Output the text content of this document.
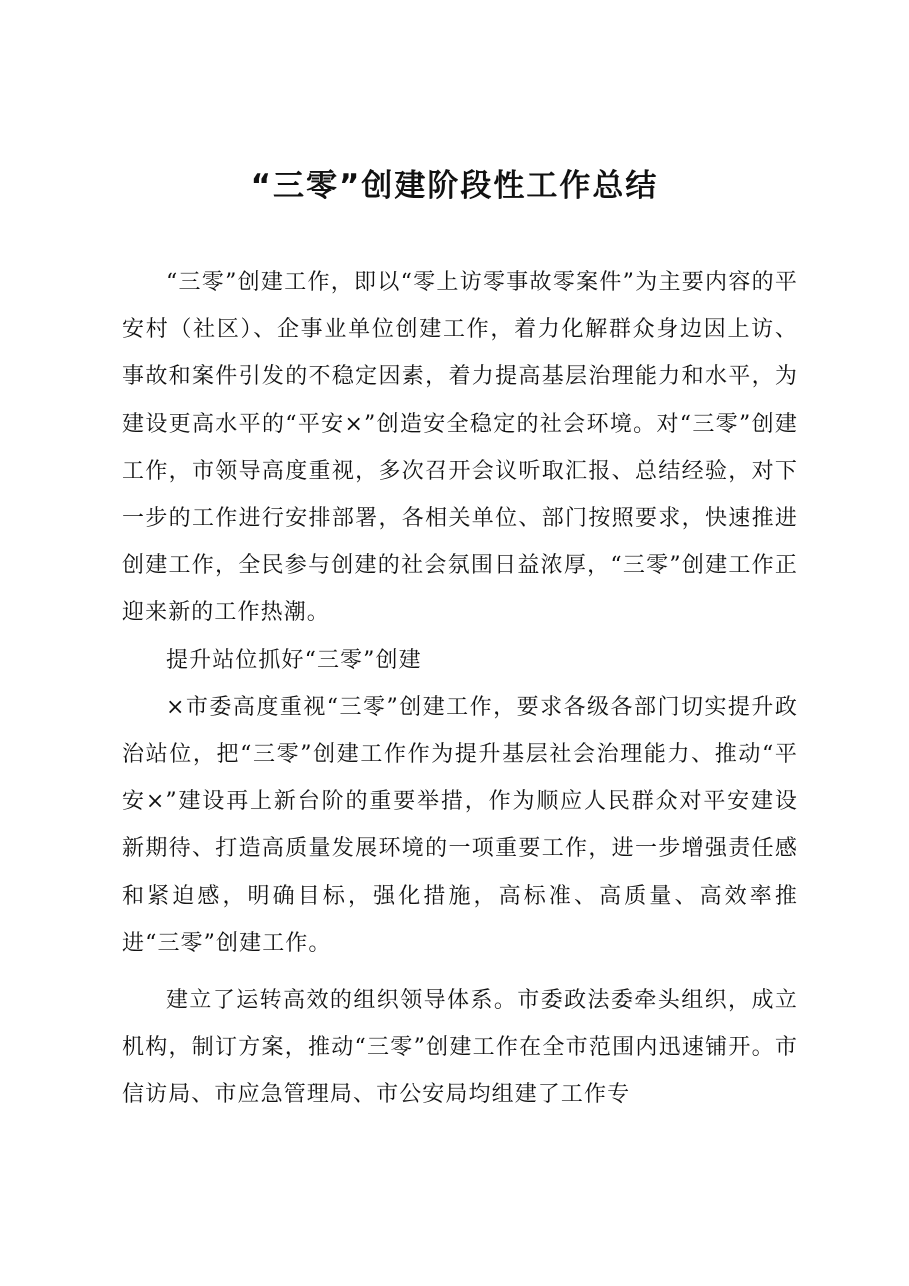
“三零”创建阶段性工作总结

“三零”创建工作，即以“零上访零事故零案件”为主要内容的平安村（社区）、企事业单位创建工作，着力化解群众身边因上访、事故和案件引发的不稳定因素，着力提高基层治理能力和水平，为建设更高水平的“平安×”创造安全稳定的社会环境。对“三零”创建工作，市领导高度重视，多次召开会议听取汇报、总结经验，对下一步的工作进行安排部署，各相关单位、部门按照要求，快速推进创建工作，全民参与创建的社会氛围日益浓厚，“三零”创建工作正迎来新的工作热潮。

提升站位抓好“三零”创建

×市委高度重视“三零”创建工作，要求各级各部门切实提升政治站位，把“三零”创建工作作为提升基层社会治理能力、推动“平安×”建设再上新台阶的重要举措，作为顺应人民群众对平安建设新期待、打造高质量发展环境的一项重要工作，进一步增强责任感和紧迫感，明确目标，强化措施，高标准、高质量、高效率推进“三零”创建工作。

建立了运转高效的组织领导体系。市委政法委牵头组织，成立机构，制订方案，推动“三零”创建工作在全市范围内迅速铺开。市信访局、市应急管理局、市公安局均组建了工作专
